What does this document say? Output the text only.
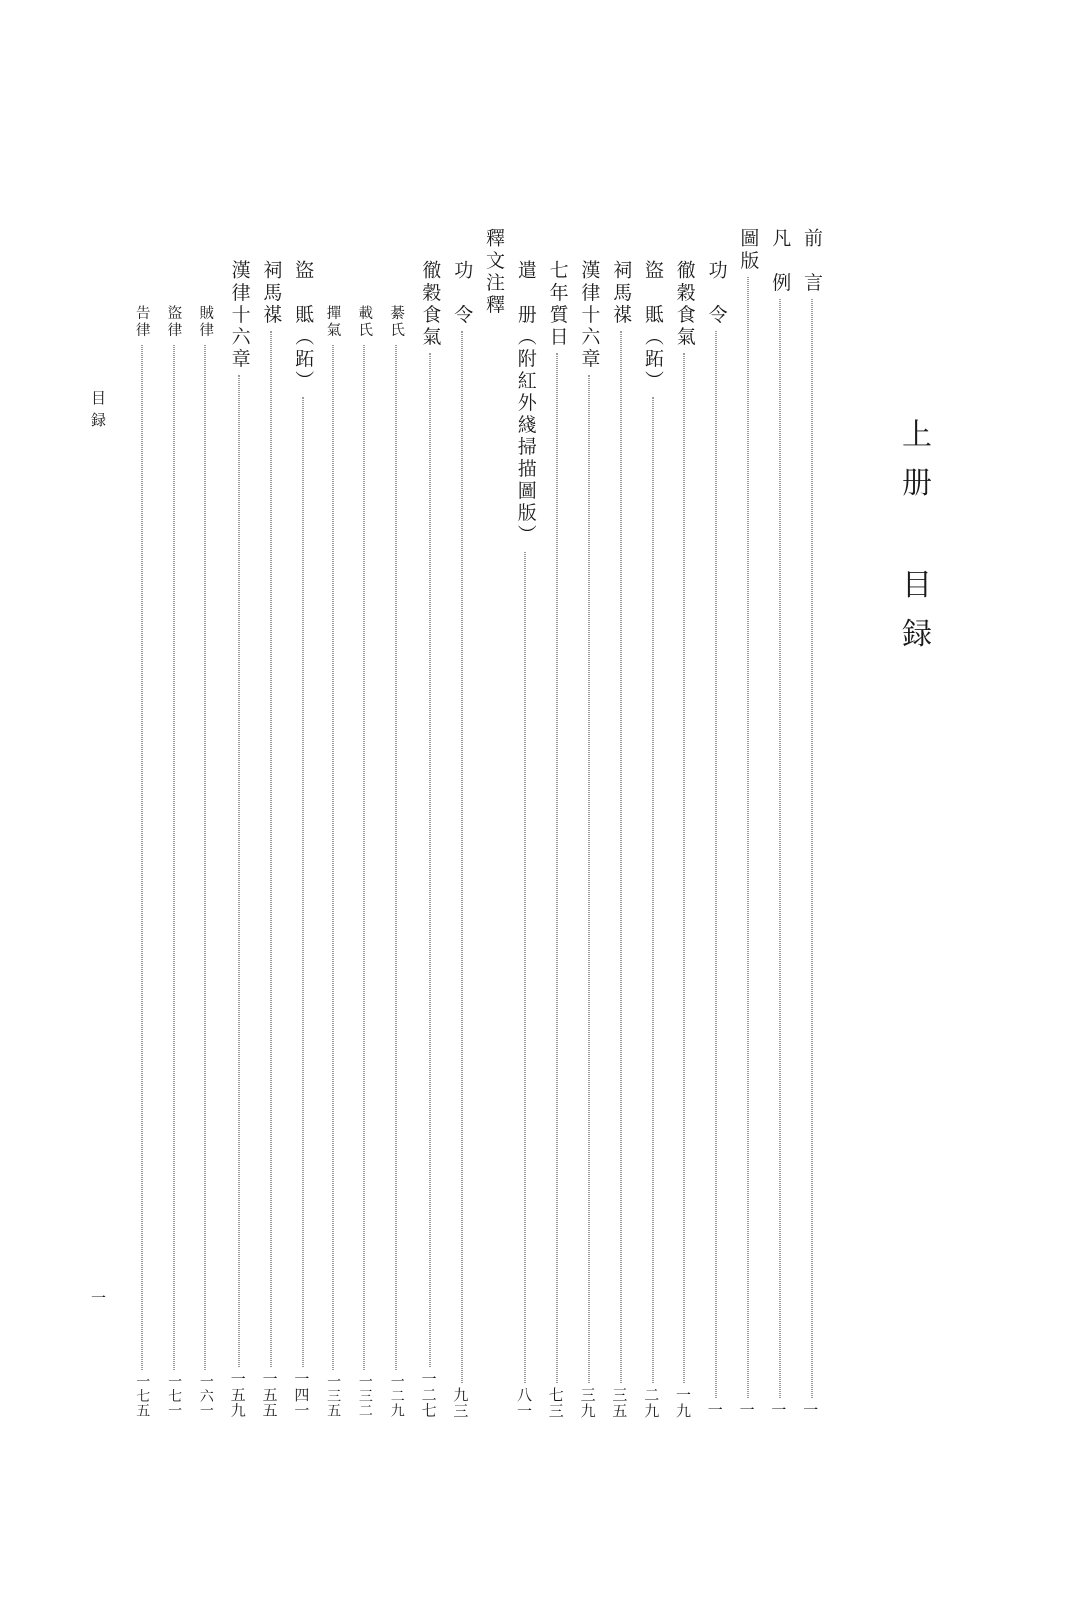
上册 目録
目録
一
前　言
一
凡　例
一
圖版
一
功　令
一
徹穀食氣
一九
盜　貾（跖）
二九
祠馬禖
三五
漢律十六章
三九
七年質日
七三
遣　册（附紅外綫掃描圖版）
八一
釋文注釋
功　令
九三
徹穀食氣
一二七
綦氏
一二九
載氏
一三二
撣氣
一三五
盜　貾（跖）
一四一
祠馬禖
一五五
漢律十六章
一五九
賊律
一六一
盜律
一七一
告律
一七五
